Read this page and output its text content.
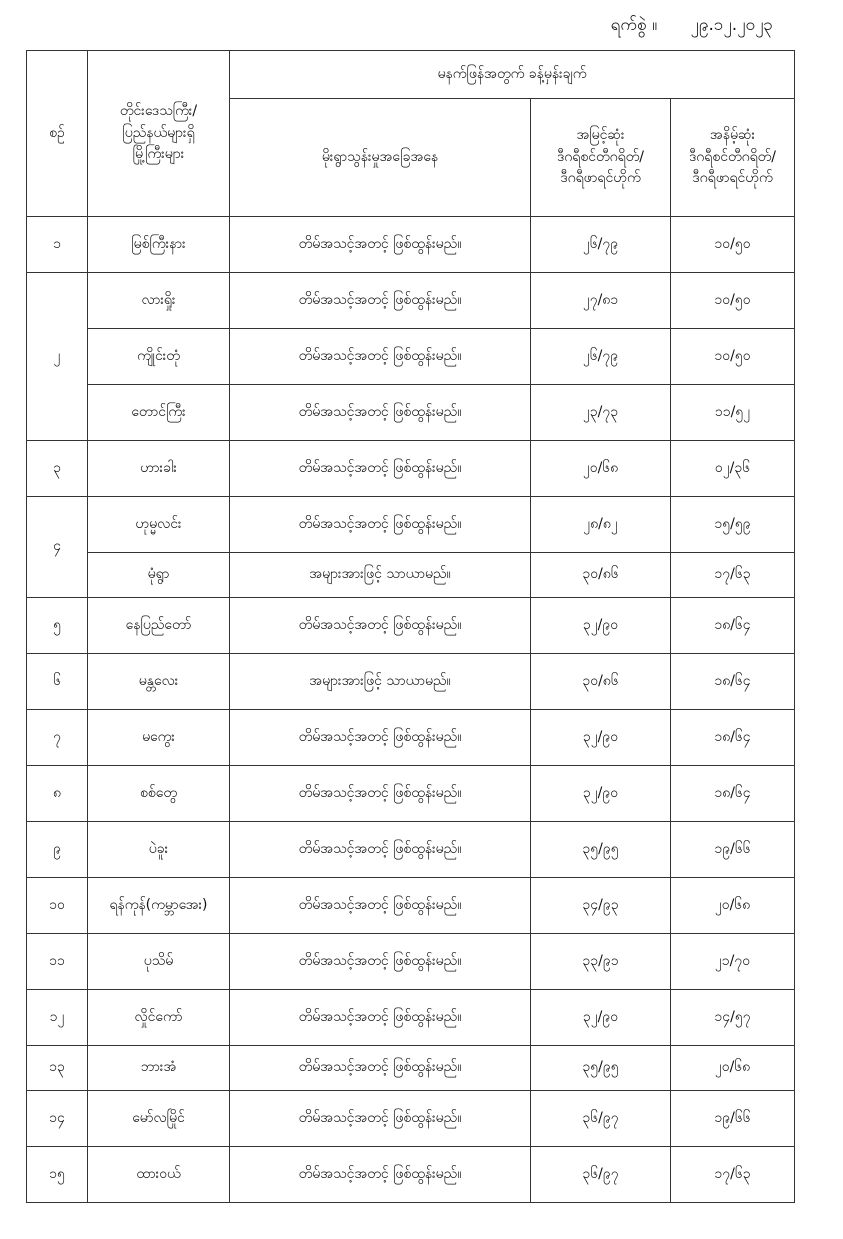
ရက်စွဲ ။ ၂၉.၁၂.၂၀၂၃
စဉ်	တိုင်းဒေသကြီး/
ပြည်နယ်များရှိ
မြို့ကြီးများ	မနက်ဖြန်အတွက် ခန့်မှန်းချက်		
		မိုးရွာသွန်းမှုအခြေအနေ	အမြင့်ဆုံး
ဒီဂရီစင်တီဂရိတ်/
ဒီဂရီဖာရင်ဟိုက်	အနိမ့်ဆုံး
ဒီဂရီစင်တီဂရိတ်/
ဒီဂရီဖာရင်ဟိုက်

၁	မြစ်ကြီးနား	တိမ်အသင့်အတင့် ဖြစ်ထွန်းမည်။	၂၆/၇၉	၁၀/၅၀
၂	လားရှိုး	တိမ်အသင့်အတင့် ဖြစ်ထွန်းမည်။	၂၇/၈၁	၁၀/၅၀
	ကျိုင်းတုံ	တိမ်အသင့်အတင့် ဖြစ်ထွန်းမည်။	၂၆/၇၉	၁၀/၅၀
	တောင်ကြီး	တိမ်အသင့်အတင့် ဖြစ်ထွန်းမည်။	၂၃/၇၃	၁၁/၅၂
၃	ဟားခါး	တိမ်အသင့်အတင့် ဖြစ်ထွန်းမည်။	၂၀/၆၈	၀၂/၃၆
၄	ဟုမ္မလင်း	တိမ်အသင့်အတင့် ဖြစ်ထွန်းမည်။	၂၈/၈၂	၁၅/၅၉
	မုံရွာ	အများအားဖြင့် သာယာမည်။	၃၀/၈၆	၁၇/၆၃
၅	နေပြည်တော်	တိမ်အသင့်အတင့် ဖြစ်ထွန်းမည်။	၃၂/၉၀	၁၈/၆၄
၆	မန္တလေး	အများအားဖြင့် သာယာမည်။	၃၀/၈၆	၁၈/၆၄
၇	မကွေး	တိမ်အသင့်အတင့် ဖြစ်ထွန်းမည်။	၃၂/၉၀	၁၈/၆၄
၈	စစ်တွေ	တိမ်အသင့်အတင့် ဖြစ်ထွန်းမည်။	၃၂/၉၀	၁၈/၆၄
၉	ပဲခူး	တိမ်အသင့်အတင့် ဖြစ်ထွန်းမည်။	၃၅/၉၅	၁၉/၆၆
၁၀	ရန်ကုန်(ကမ္ဘာအေး)	တိမ်အသင့်အတင့် ဖြစ်ထွန်းမည်။	၃၄/၉၃	၂၀/၆၈
၁၁	ပုသိမ်	တိမ်အသင့်အတင့် ဖြစ်ထွန်းမည်။	၃၃/၉၁	၂၁/၇၀
၁၂	လှိုင်ကော်	တိမ်အသင့်အတင့် ဖြစ်ထွန်းမည်။	၃၂/၉၀	၁၄/၅၇
၁၃	ဘားအံ	တိမ်အသင့်အတင့် ဖြစ်ထွန်းမည်။	၃၅/၉၅	၂၀/၆၈
၁၄	မော်လမြိုင်	တိမ်အသင့်အတင့် ဖြစ်ထွန်းမည်။	၃၆/၉၇	၁၉/၆၆
၁၅	ထားဝယ်	တိမ်အသင့်အတင့် ဖြစ်ထွန်းမည်။	၃၆/၉၇	၁၇/၆၃
